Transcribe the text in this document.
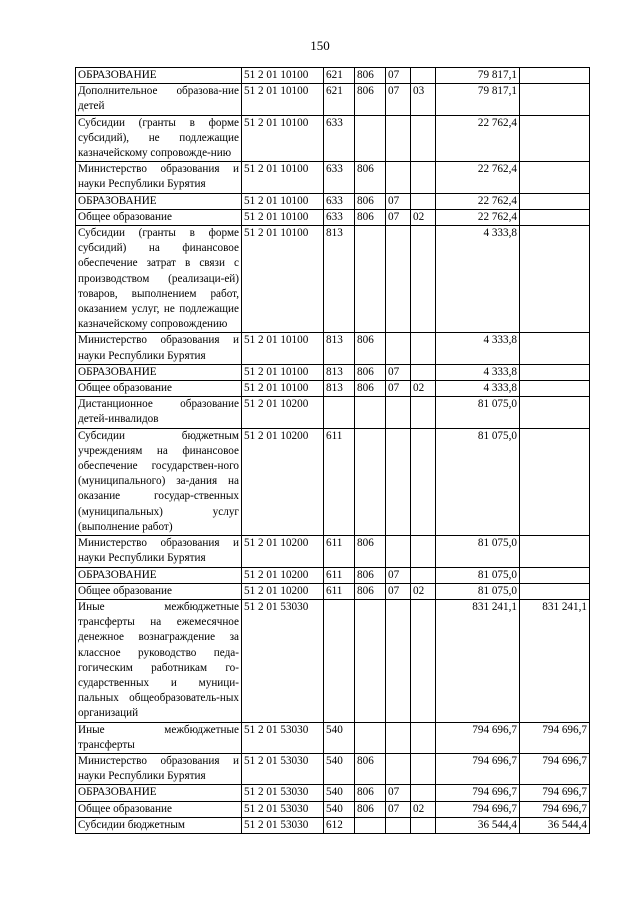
150
ОБРАЗОВАНИЕ	51 2 01 10100	621	806	07		79 817,1	
Дополнительное образова-ние детей	51 2 01 10100	621	806	07	03	79 817,1	
Субсидии (гранты в форме субсидий), не подлежащие казначейскому сопровожде-нию	51 2 01 10100	633				22 762,4	
Министерство образования и науки Республики Бурятия	51 2 01 10100	633	806			22 762,4	
ОБРАЗОВАНИЕ	51 2 01 10100	633	806	07		22 762,4	
Общее образование	51 2 01 10100	633	806	07	02	22 762,4	
Субсидии (гранты в форме субсидий) на финансовое обеспечение затрат в связи с производством (реализаци-ей) товаров, выполнением работ, оказанием услуг, не подлежащие казначейскому сопровождению	51 2 01 10100	813				4 333,8	
Министерство образования и науки Республики Бурятия	51 2 01 10100	813	806			4 333,8	
ОБРАЗОВАНИЕ	51 2 01 10100	813	806	07		4 333,8	
Общее образование	51 2 01 10100	813	806	07	02	4 333,8	
Дистанционное образование детей-инвалидов	51 2 01 10200					81 075,0	
Субсидии бюджетным учреждениям на финансовое обеспечение государствен-ного (муниципального) за-дания на оказание государ-ственных (муниципальных) услуг (выполнение работ)	51 2 01 10200	611				81 075,0	
Министерство образования и науки Республики Бурятия	51 2 01 10200	611	806			81 075,0	
ОБРАЗОВАНИЕ	51 2 01 10200	611	806	07		81 075,0	
Общее образование	51 2 01 10200	611	806	07	02	81 075,0	
Иные межбюджетные трансферты на ежемесячное денежное вознаграждение за классное руководство педа-гогическим работникам го-сударственных и муници-пальных общеобразователь-ных организаций	51 2 01 53030					831 241,1	831 241,1
Иные межбюджетные трансферты	51 2 01 53030	540				794 696,7	794 696,7
Министерство образования и науки Республики Бурятия	51 2 01 53030	540	806			794 696,7	794 696,7
ОБРАЗОВАНИЕ	51 2 01 53030	540	806	07		794 696,7	794 696,7
Общее образование	51 2 01 53030	540	806	07	02	794 696,7	794 696,7
Субсидии бюджетным	51 2 01 53030	612				36 544,4	36 544,4
